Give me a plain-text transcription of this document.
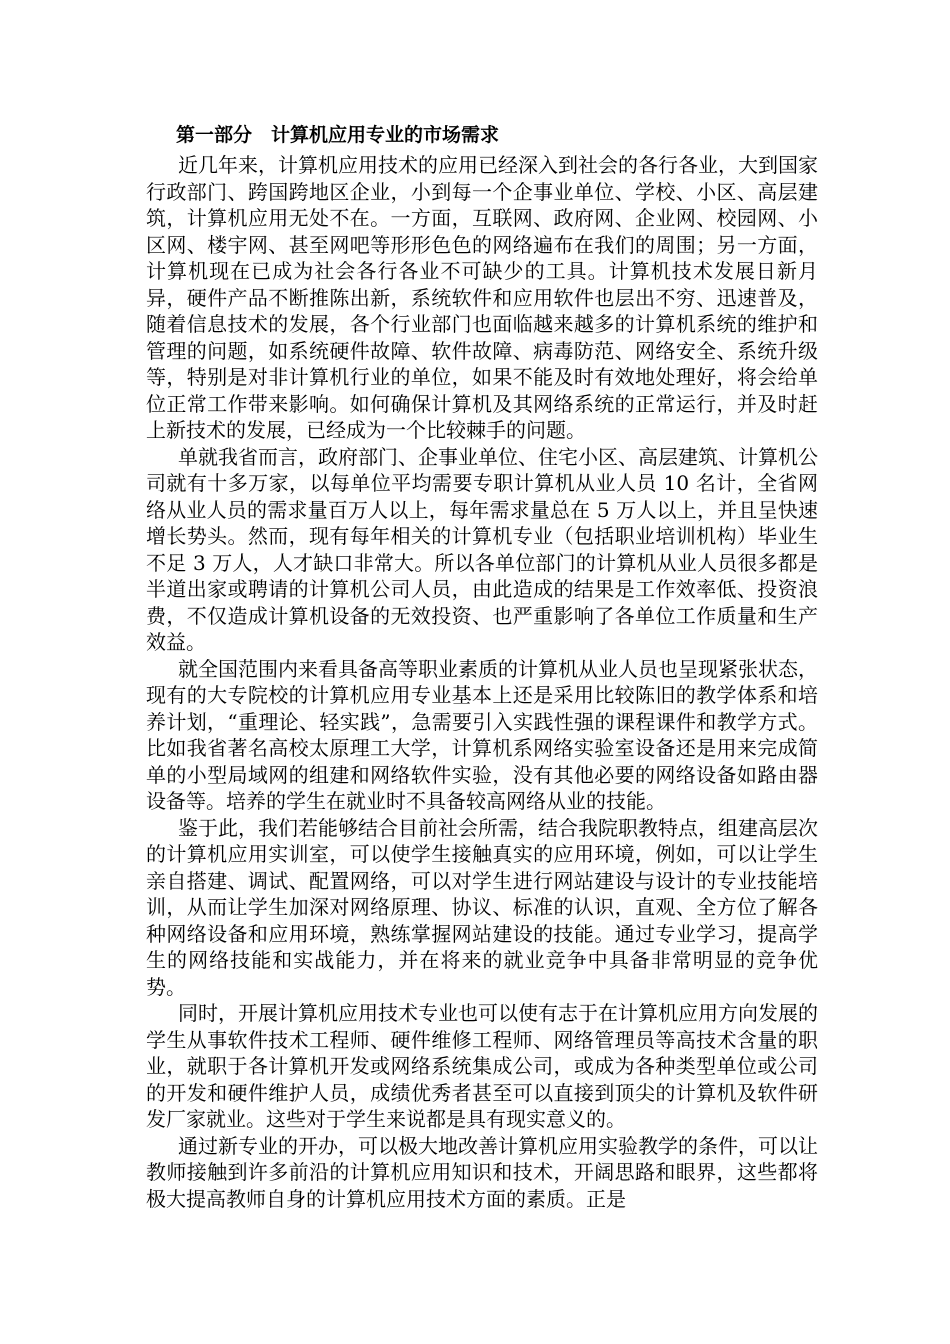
第一部分　计算机应用专业的市场需求

近几年来，计算机应用技术的应用已经深入到社会的各行各业，大到国家行政部门、跨国跨地区企业，小到每一个企事业单位、学校、小区、高层建筑，计算机应用无处不在。一方面，互联网、政府网、企业网、校园网、小区网、楼宇网、甚至网吧等形形色色的网络遍布在我们的周围；另一方面，计算机现在已成为社会各行各业不可缺少的工具。计算机技术发展日新月异，硬件产品不断推陈出新，系统软件和应用软件也层出不穷、迅速普及，随着信息技术的发展，各个行业部门也面临越来越多的计算机系统的维护和管理的问题，如系统硬件故障、软件故障、病毒防范、网络安全、系统升级等，特别是对非计算机行业的单位，如果不能及时有效地处理好，将会给单位正常工作带来影响。如何确保计算机及其网络系统的正常运行，并及时赶上新技术的发展，已经成为一个比较棘手的问题。

单就我省而言，政府部门、企事业单位、住宅小区、高层建筑、计算机公司就有十多万家，以每单位平均需要专职计算机从业人员 10 名计，全省网络从业人员的需求量百万人以上，每年需求量总在 5 万人以上，并且呈快速增长势头。然而，现有每年相关的计算机专业（包括职业培训机构）毕业生不足 3 万人，人才缺口非常大。所以各单位部门的计算机从业人员很多都是半道出家或聘请的计算机公司人员，由此造成的结果是工作效率低、投资浪费，不仅造成计算机设备的无效投资、也严重影响了各单位工作质量和生产效益。

就全国范围内来看具备高等职业素质的计算机从业人员也呈现紧张状态，现有的大专院校的计算机应用专业基本上还是采用比较陈旧的教学体系和培养计划，“重理论、轻实践”，急需要引入实践性强的课程课件和教学方式。比如我省著名高校太原理工大学，计算机系网络实验室设备还是用来完成简单的小型局域网的组建和网络软件实验，没有其他必要的网络设备如路由器设备等。培养的学生在就业时不具备较高网络从业的技能。

鉴于此，我们若能够结合目前社会所需，结合我院职教特点，组建高层次的计算机应用实训室，可以使学生接触真实的应用环境，例如，可以让学生亲自搭建、调试、配置网络，可以对学生进行网站建设与设计的专业技能培训，从而让学生加深对网络原理、协议、标准的认识，直观、全方位了解各种网络设备和应用环境，熟练掌握网站建设的技能。通过专业学习，提高学生的网络技能和实战能力，并在将来的就业竞争中具备非常明显的竞争优势。

同时，开展计算机应用技术专业也可以使有志于在计算机应用方向发展的学生从事软件技术工程师、硬件维修工程师、网络管理员等高技术含量的职业，就职于各计算机开发或网络系统集成公司，或成为各种类型单位或公司的开发和硬件维护人员，成绩优秀者甚至可以直接到顶尖的计算机及软件研发厂家就业。这些对于学生来说都是具有现实意义的。

通过新专业的开办，可以极大地改善计算机应用实验教学的条件，可以让教师接触到许多前沿的计算机应用知识和技术，开阔思路和眼界，这些都将极大提高教师自身的计算机应用技术方面的素质。正是
